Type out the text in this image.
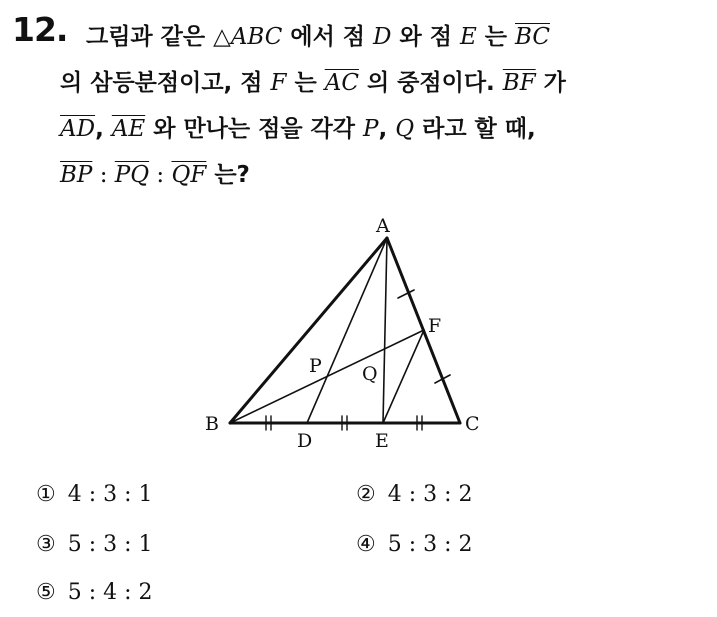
12. 그림과 같은 △ABC 에서 점 D 와 점 E 는 $\overline{BC}$
의 삼등분점이고, 점 F 는 $\overline{AC}$ 의 중점이다. $\overline{BF}$ 가
$\overline{AD}$, $\overline{AE}$ 와 만나는 점을 각각 P, Q 라고 할 때,
$\overline{BP}$ : $\overline{PQ}$ : $\overline{QF}$ 는?
A
B	C
D	E
F
P Q
① 4 : 3 : 1	② 4 : 3 : 2
③ 5 : 3 : 1	④ 5 : 3 : 2
⑤ 5 : 4 : 2
